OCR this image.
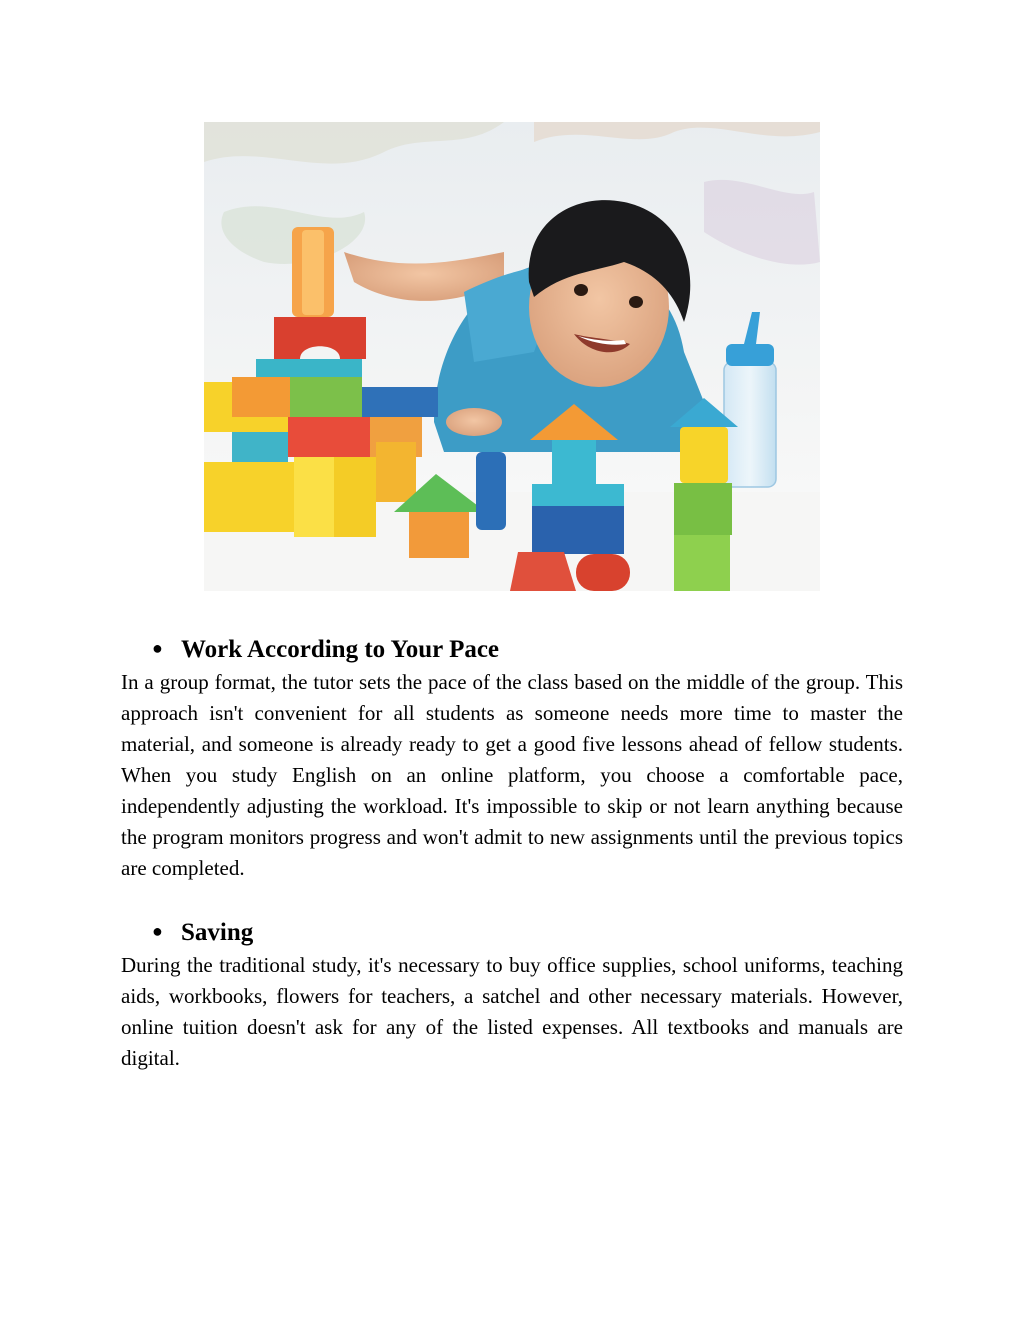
● Work According to Your Pace

In a group format, the tutor sets the pace of the class based on the middle of the group. This approach isn't convenient for all students as someone needs more time to master the material, and someone is already ready to get a good five lessons ahead of fellow students. When you study English on an online platform, you choose a comfortable pace, independently adjusting the workload. It's impossible to skip or not learn anything because the program monitors progress and won't admit to new assignments until the previous topics are completed.

● Saving

During the traditional study, it's necessary to buy office supplies, school uniforms, teaching aids, workbooks, flowers for teachers, a satchel and other necessary materials. However, online tuition doesn't ask for any of the listed expenses. All textbooks and manuals are digital.
